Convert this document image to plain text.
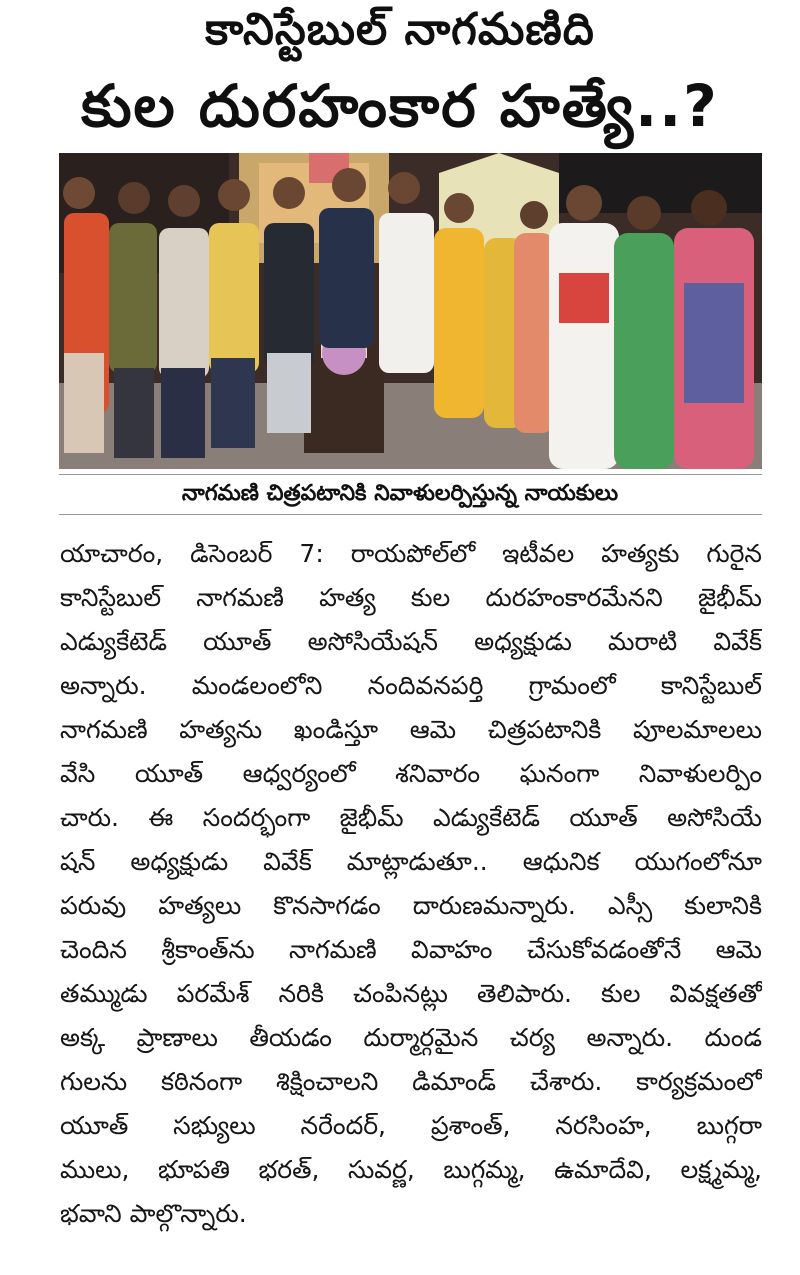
కానిస్టేబుల్ నాగమణిది
కుల దురహంకార హత్యే..?
నాగమణి చిత్రపటానికి నివాళులర్పిస్తున్న నాయకులు
యాచారం, డిసెంబర్ 7: రాయపోల్‌లో ఇటీవల హత్యకు గురైన
కానిస్టేబుల్ నాగమణి హత్య కుల దురహంకారమేనని జైభీమ్
ఎడ్యుకేటెడ్ యూత్ అసోసియేషన్ అధ్యక్షుడు మరాటి వివేక్
అన్నారు. మండలంలోని నందివనపర్తి గ్రామంలో కానిస్టేబుల్
నాగమణి హత్యను ఖండిస్తూ ఆమె చిత్రపటానికి పూలమాలలు
వేసి యూత్ ఆధ్వర్యంలో శనివారం ఘనంగా నివాళులర్పిం
చారు. ఈ సందర్భంగా జైభీమ్ ఎడ్యుకేటెడ్ యూత్ అసోసియే
షన్ అధ్యక్షుడు వివేక్ మాట్లాడుతూ.. ఆధునిక యుగంలోనూ
పరువు హత్యలు కొనసాగడం దారుణమన్నారు. ఎస్సీ కులానికి
చెందిన శ్రీకాంత్‌ను నాగమణి వివాహం చేసుకోవడంతోనే ఆమె
తమ్ముడు పరమేశ్ నరికి చంపినట్లు తెలిపారు. కుల వివక్షతతో
అక్క ప్రాణాలు తీయడం దుర్మార్గమైన చర్య అన్నారు. దుండ
గులను కఠినంగా శిక్షించాలని డిమాండ్ చేశారు. కార్యక్రమంలో
యూత్ సభ్యులు నరేందర్, ప్రశాంత్, నరసింహ, బుగ్గరా
ములు, భూపతి భరత్, సువర్ణ, బుగ్గమ్మ, ఉమాదేవి, లక్ష్మమ్మ,
భవాని పాల్గొన్నారు.
